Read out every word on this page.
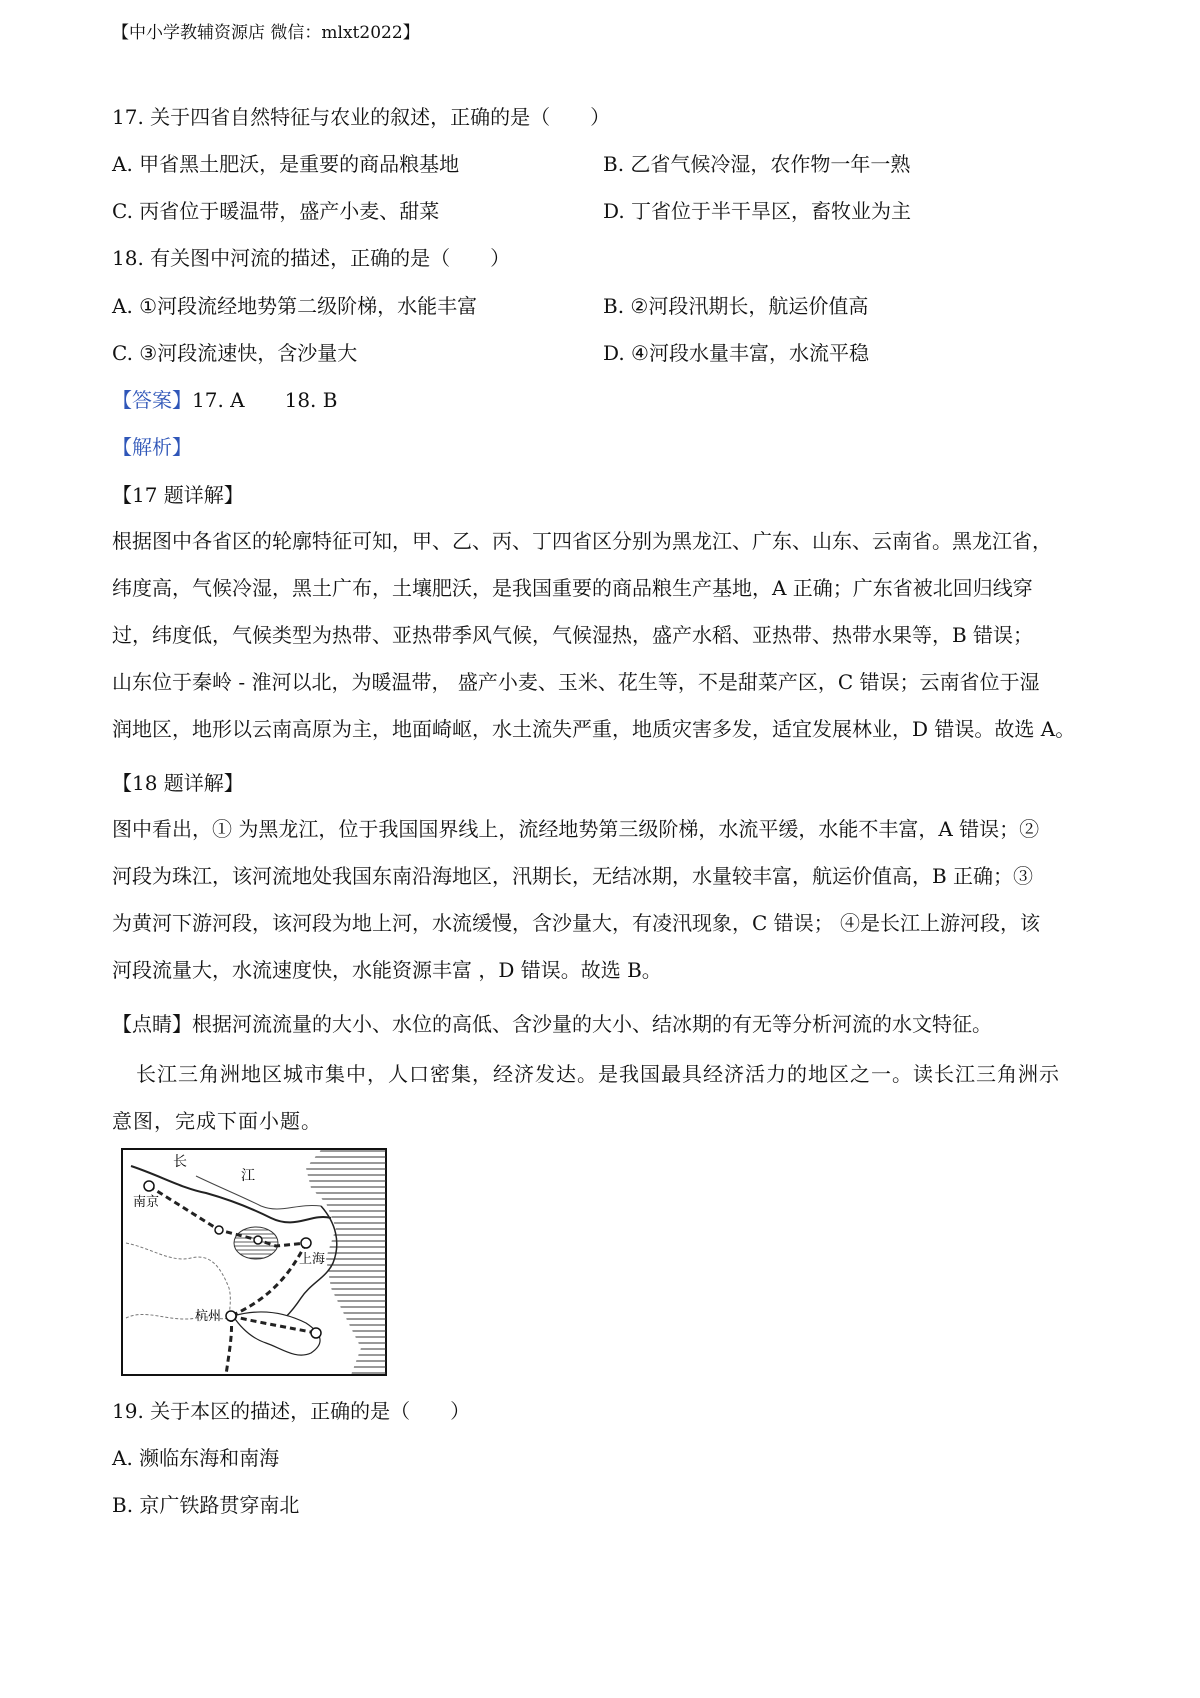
【中小学教辅资源店 微信：mlxt2022】
17. 关于四省自然特征与农业的叙述，正确的是（　　）
A. 甲省黑土肥沃，是重要的商品粮基地	B. 乙省气候冷湿，农作物一年一熟
C. 丙省位于暖温带，盛产小麦、甜菜	D. 丁省位于半干旱区，畜牧业为主
18. 有关图中河流的描述，正确的是（　　）
A. ①河段流经地势第二级阶梯，水能丰富	B. ②河段汛期长，航运价值高
C. ③河段流速快，含沙量大	D. ④河段水量丰富，水流平稳
【答案】17. A　　18. B
【解析】
【17 题详解】
根据图中各省区的轮廓特征可知，甲、乙、丙、丁四省区分别为黑龙江、广东、山东、云南省。黑龙江省，
纬度高，气候冷湿，黑土广布，土壤肥沃，是我国重要的商品粮生产基地，A 正确；广东省被北回归线穿
过，纬度低，气候类型为热带、亚热带季风气候，气候湿热，盛产水稻、亚热带、热带水果等，B 错误；
山东位于秦岭 - 淮河以北，为暖温带， 盛产小麦、玉米、花生等，不是甜菜产区，C 错误；云南省位于湿
润地区，地形以云南高原为主，地面崎岖，水土流失严重，地质灾害多发，适宜发展林业，D 错误。故选 A。
【18 题详解】
图中看出，① 为黑龙江，位于我国国界线上，流经地势第三级阶梯，水流平缓，水能不丰富，A 错误；②
河段为珠江，该河流地处我国东南沿海地区，汛期长，无结冰期，水量较丰富，航运价值高，B 正确；③
为黄河下游河段，该河段为地上河，水流缓慢，含沙量大，有凌汛现象，C 错误； ④是长江上游河段，该
河段流量大，水流速度快，水能资源丰富 ，D 错误。故选 B。
【点睛】根据河流流量的大小、水位的高低、含沙量的大小、结冰期的有无等分析河流的水文特征。
长江三角洲地区城市集中，人口密集，经济发达。是我国最具经济活力的地区之一。读长江三角洲示
意图，完成下面小题。
长
江
南京
上海
杭州
19. 关于本区的描述，正确的是（　　）
A. 濒临东海和南海
B. 京广铁路贯穿南北
